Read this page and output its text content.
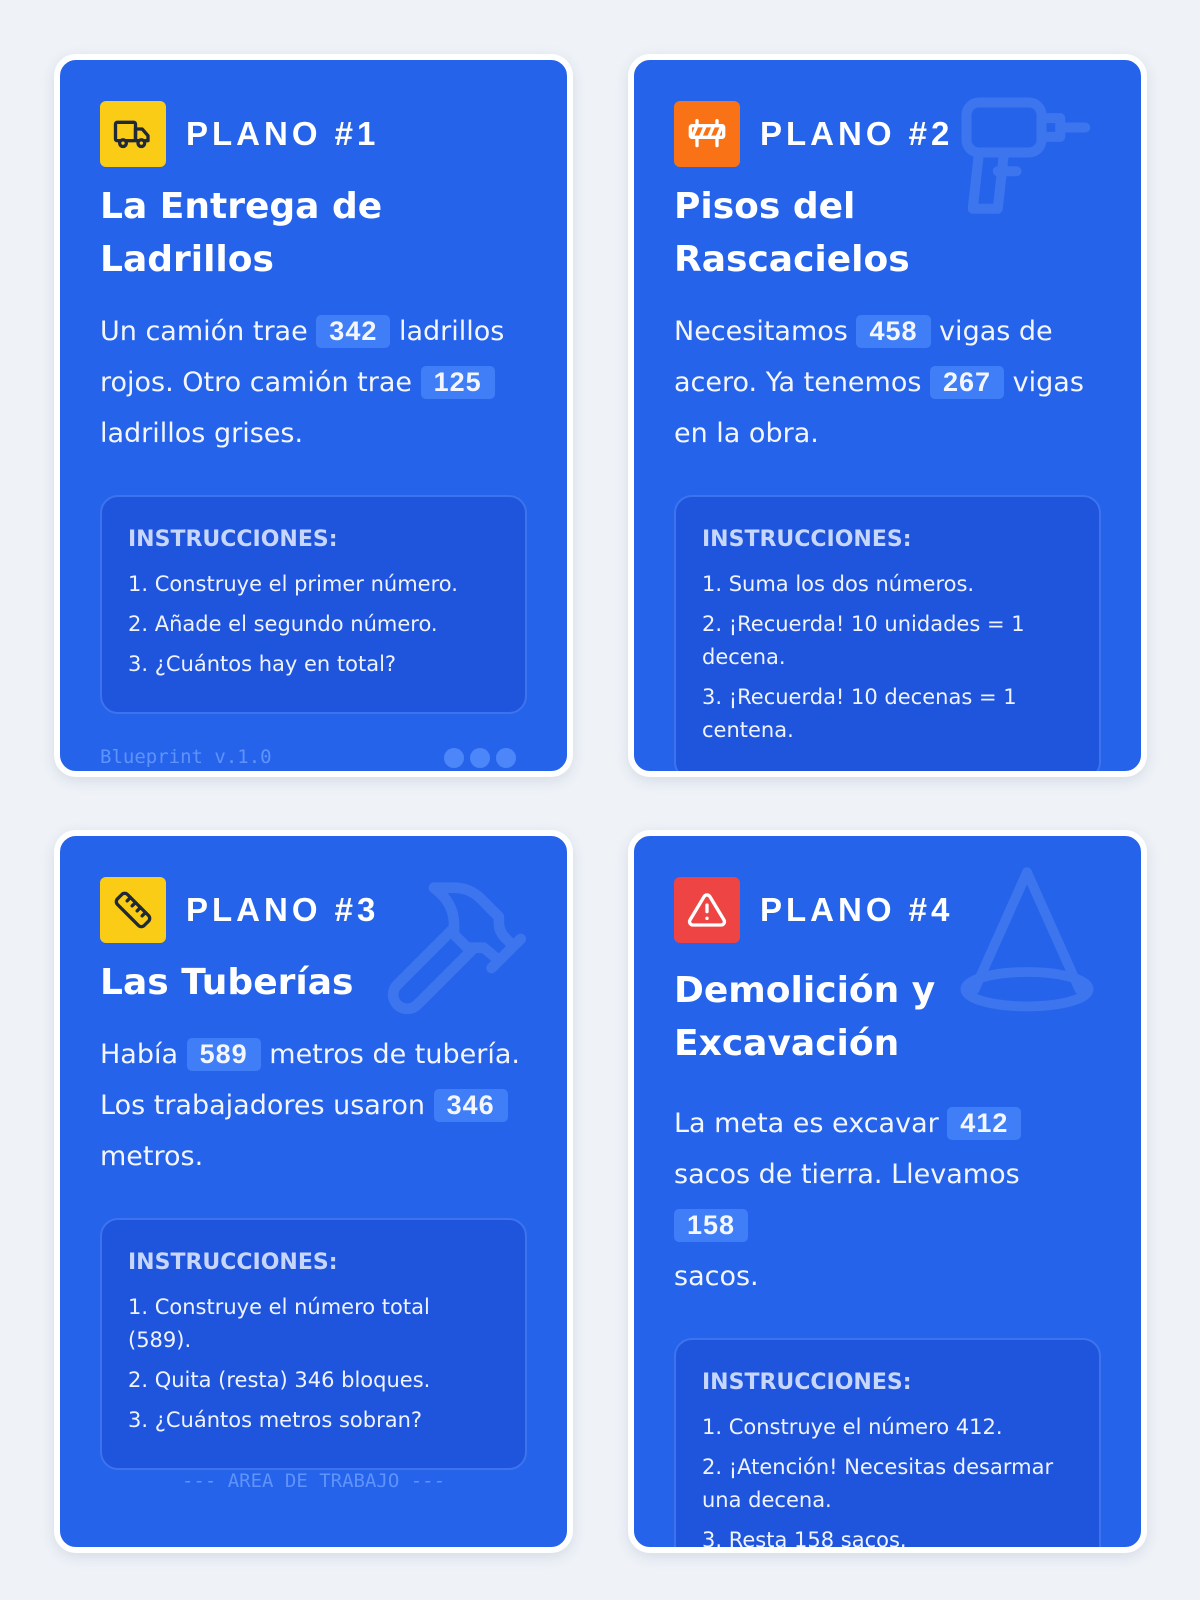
PLANO #1
La Entrega de Ladrillos
Un camión trae 342 ladrillos rojos. Otro camión trae 125
ladrillos grises.
INSTRUCCIONES:
1. Construye el primer número.
2. Añade el segundo número.
3. ¿Cuántos hay en total?
Blueprint v.1.0
PLANO #2
Pisos del Rascacielos
Necesitamos 458 vigas de acero. Ya tenemos 267 vigas en la obra.
INSTRUCCIONES:
1. Suma los dos números.
2. ¡Recuerda! 10 unidades = 1 decena.
3. ¡Recuerda! 10 decenas = 1 centena.
PLANO #3
Las Tuberías
Había 589 metros de tubería. Los trabajadores usaron 346
metros.
INSTRUCCIONES:
1. Construye el número total (589).
2. Quita (resta) 346 bloques.
3. ¿Cuántos metros sobran?
--- AREA DE TRABAJO ---
PLANO #4
Demolición y Excavación
La meta es excavar 412 sacos de tierra. Llevamos 158
sacos.
INSTRUCCIONES:
1. Construye el número 412.
2. ¡Atención! Necesitas desarmar una decena.
3. Resta 158 sacos.
